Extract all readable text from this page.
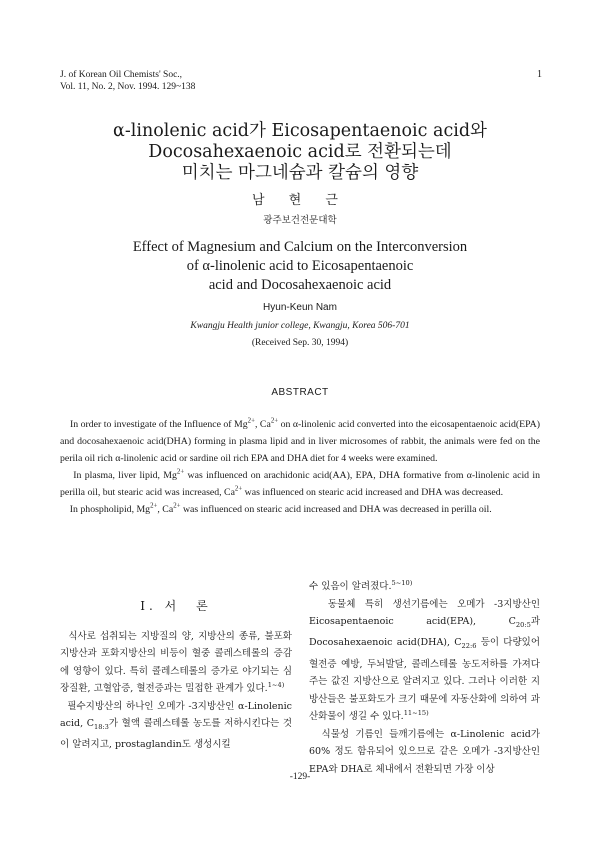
J. of Korean Oil Chemists' Soc.,
Vol. 11, No. 2, Nov. 1994. 129~138
1
α-linolenic acid가 Eicosapentaenoic acid와
Docosahexaenoic acid로 전환되는데
미치는 마그네슘과 칼슘의 영향
남 현 근
광주보건전문대학
Effect of Magnesium and Calcium on the Interconversion
of α-linolenic acid to Eicosapentaenoic
acid and Docosahexaenoic acid
Hyun-Keun Nam
Kwangju Health junior college, Kwangju, Korea 506-701
(Received Sep. 30, 1994)
ABSTRACT

In order to investigate of the Influence of $Mg^{2+}$, $Ca^{2+}$ on α-linolenic acid converted into the eicosapentaenoic acid(EPA) and docosahexaenoic acid(DHA) forming in plasma lipid and in liver microsomes of rabbit, the animals were fed on the perila oil rich α-linolenic acid or sardine oil rich EPA and DHA diet for 4 weeks were examined.

In plasma, liver lipid, $Mg^{2+}$ was influenced on arachidonic acid(AA), EPA, DHA formative from α-linolenic acid in perilla oil, but stearic acid was increased, $Ca^{2+}$ was influenced on stearic acid increased and DHA was decreased.

In phospholipid, $Mg^{2+}$, $Ca^{2+}$ was influenced on stearic acid increased and DHA was decreased in perilla oil.

I. 서　론

식사로 섭취되는 지방질의 양, 지방산의 종류, 불포화지방산과 포화지방산의 비등이 혈중 콜레스테롤의 증감에 영향이 있다. 특히 콜레스테롤의 증가로 야기되는 심장질환, 고혈압증, 혈전증과는 밀접한 관계가 있다.$^{1\sim 4)}$

필수지방산의 하나인 오메가 -3지방산인 α-Linolenic acid, $C_{18:3}$가 혈액 콜레스테롤 농도를 저하시킨다는 것이 알려지고, prostaglandin도 생성시킬

수 있음이 알려졌다.$^{5\sim 10)}$

동물체 특히 생선기름에는 오메가 -3지방산인 Eicosapentaenoic acid(EPA), $C_{20:5}$과 Docosahexaenoic acid(DHA), $C_{22:6}$ 등이 다량있어 혈전증 예방, 두뇌발달, 콜레스테롤 농도저하를 가져다주는 값진 지방산으로 알려지고 있다. 그러나 이러한 지방산들은 불포화도가 크기 때문에 자동산화에 의하여 과산화물이 생길 수 있다.$^{11\sim 15)}$

식물성 기름인 들깨기름에는 α-Linolenic acid가 60% 정도 함유되어 있으므로 같은 오메가 -3지방산인 EPA와 DHA로 체내에서 전환되면 가장 이상

-129-
